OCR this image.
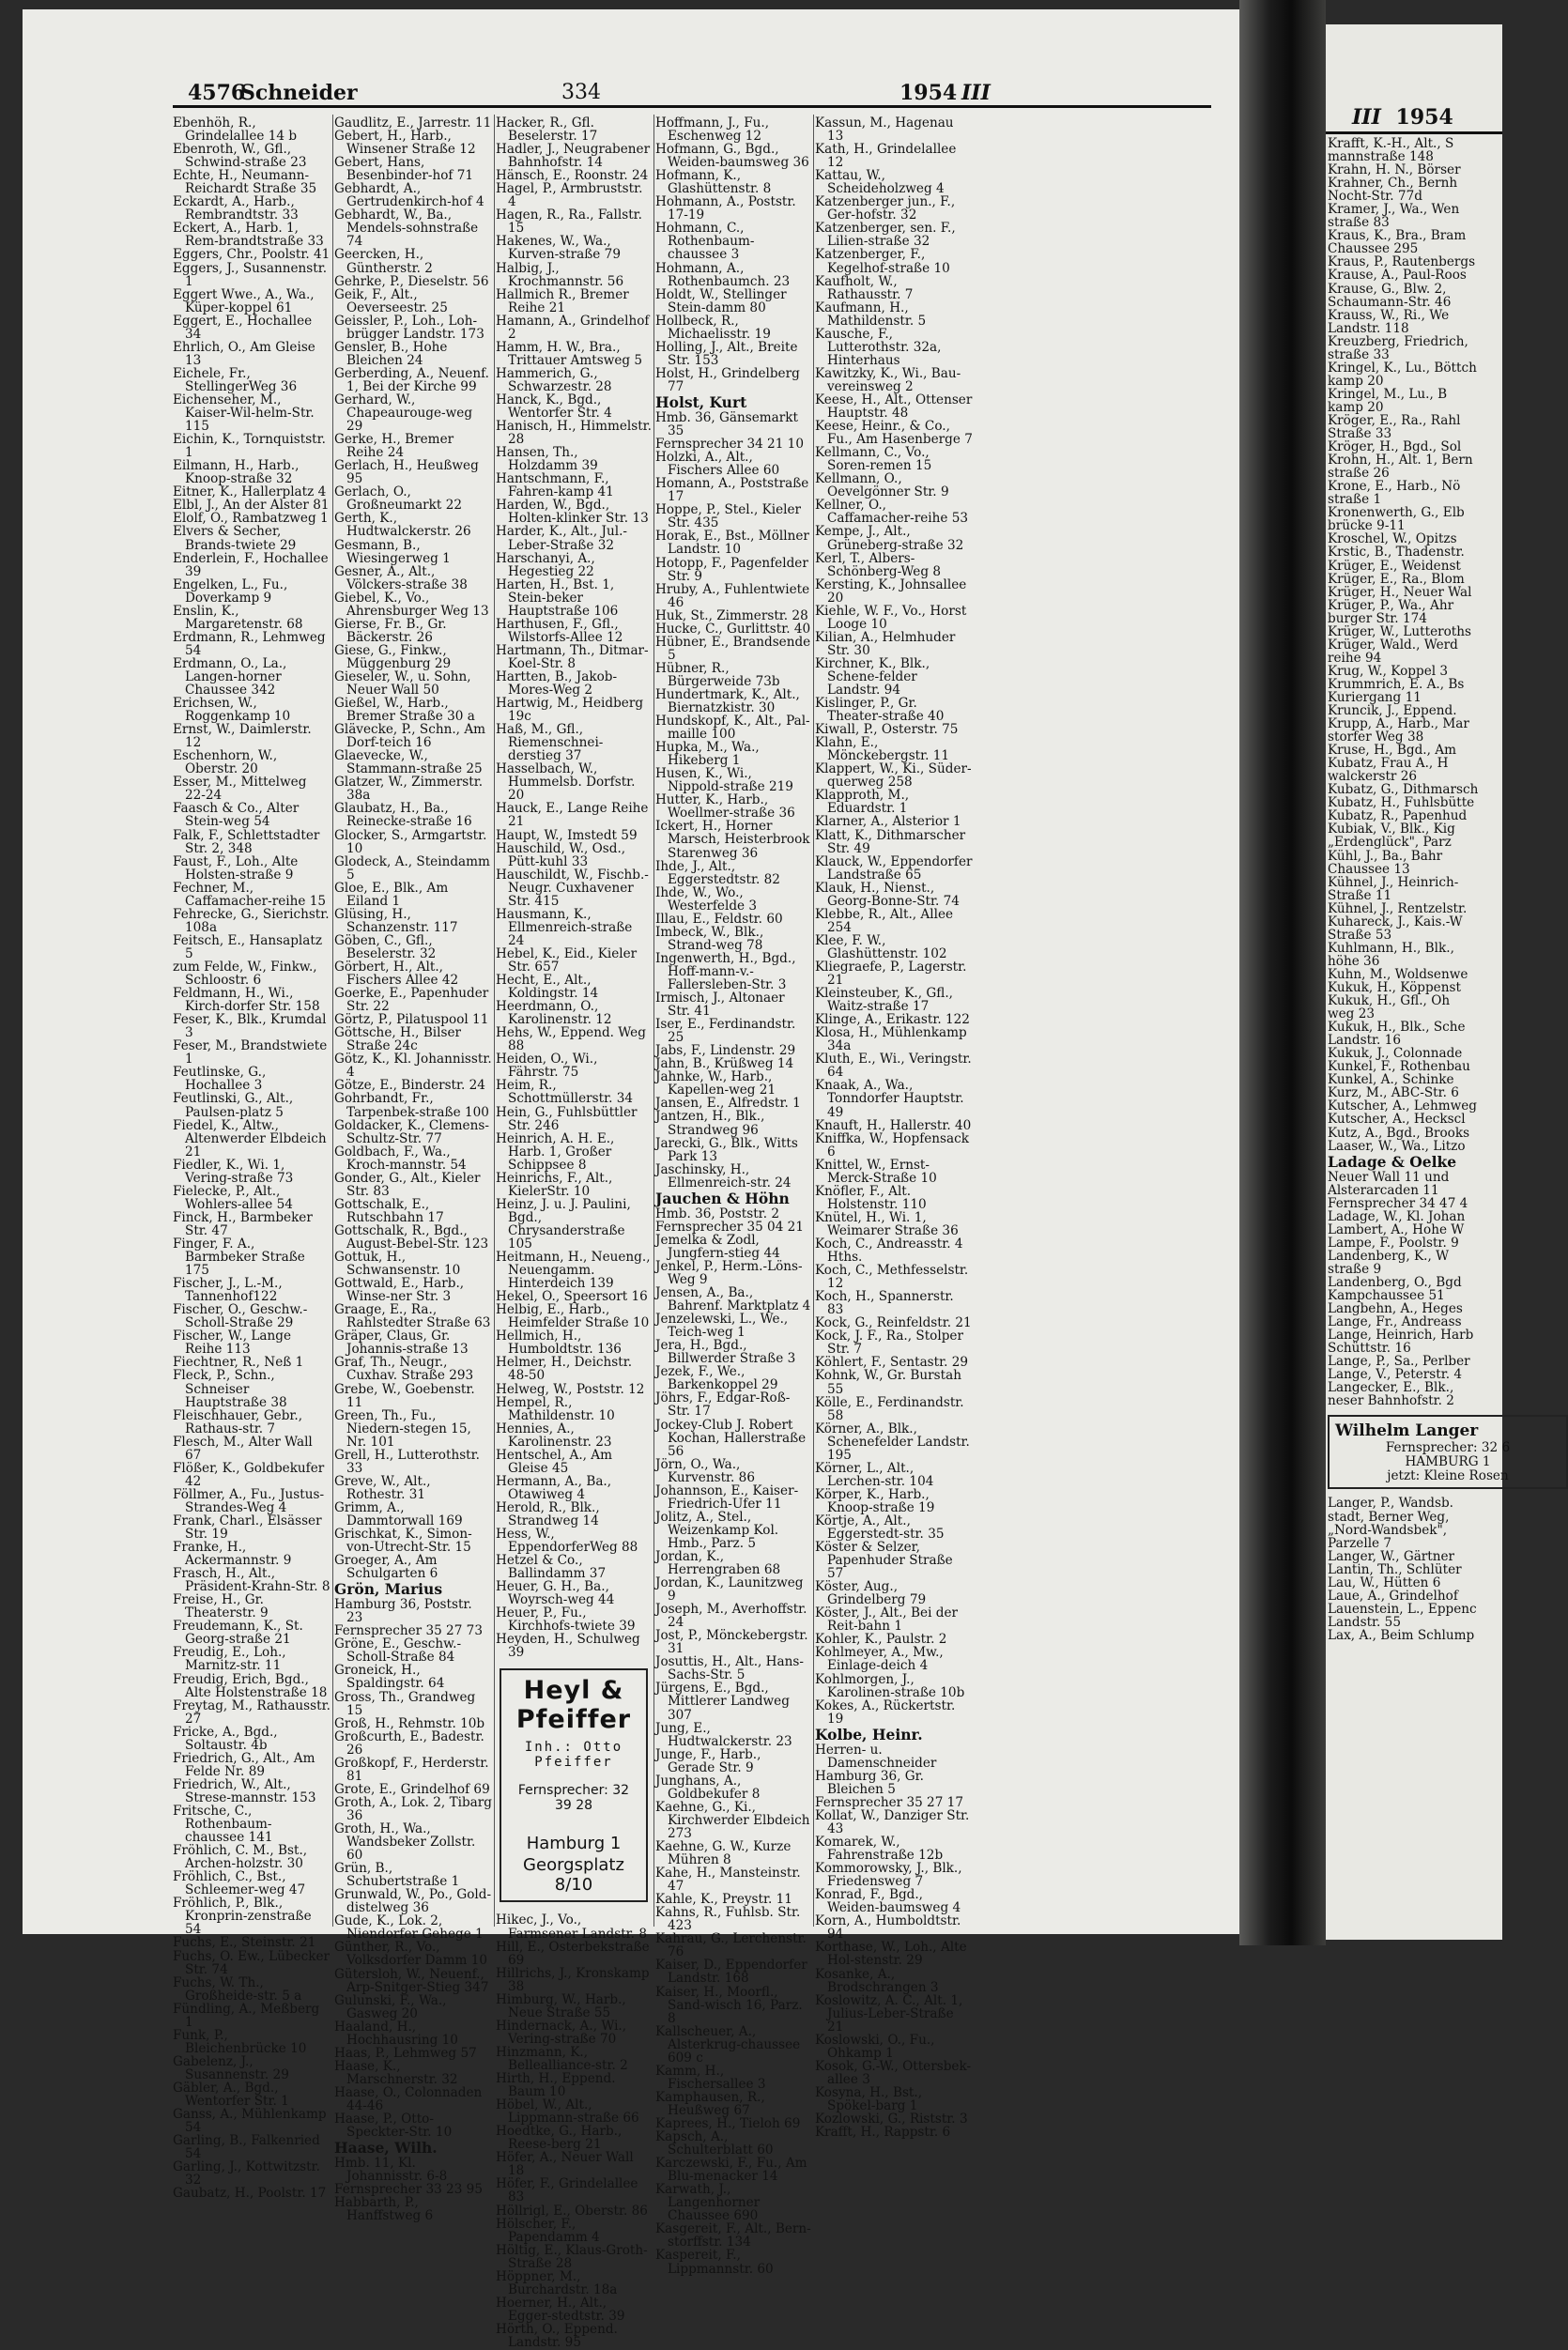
4576
Schneider	334	1954 III
Ebenhöh, R., Grindelallee 14 b
Ebenroth, W., Gfl., Schwind-straße 23
Echte, H., Neumann-Reichardt Straße 35
Eckardt, A., Harb., Rembrandtstr. 33
Eckert, A., Harb. 1, Rem-brandtstraße 33
Eggers, Chr., Poolstr. 41
Eggers, J., Susannenstr. 1
Eggert Wwe., A., Wa., Küper-koppel 61
Eggert, E., Hochallee 34
Ehrlich, O., Am Gleise 13
Eichele, Fr., StellingerWeg 36
Eichenseher, M., Kaiser-Wil-helm-Str. 115
Eichin, K., Tornquiststr. 1
Eilmann, H., Harb., Knoop-straße 32
Eitner, K., Hallerplatz 4
Elbl, J., An der Alster 81
Elolf, O., Rambatzweg 1
Elvers & Secher, Brands-twiete 29
Enderlein, F., Hochallee 39
Engelken, L., Fu., Doverkamp 9
Enslin, K., Margaretenstr. 68
Erdmann, R., Lehmweg 54
Erdmann, O., La., Langen-horner Chaussee 342
Erichsen, W., Roggenkamp 10
Ernst, W., Daimlerstr. 12
Eschenhorn, W., Oberstr. 20
Esser, M., Mittelweg 22-24
Faasch & Co., Alter Stein-weg 54
Falk, F., Schlettstadter Str. 2, 348
Faust, F., Loh., Alte Holsten-straße 9
Fechner, M., Caffamacher-reihe 15
Fehrecke, G., Sierichstr. 108a
Feitsch, E., Hansaplatz 5
zum Felde, W., Finkw., Schloostr. 6
Feldmann, H., Wi., Kirch-dorfer Str. 158
Feser, K., Blk., Krumdal 3
Feser, M., Brandstwiete 1
Feutlinske, G., Hochallee 3
Feutlinski, G., Alt., Paulsen-platz 5
Fiedel, K., Altw., Altenwerder Elbdeich 21
Fiedler, K., Wi. 1, Vering-straße 73
Fielecke, P., Alt., Wohlers-allee 54
Finck, H., Barmbeker Str. 47
Finger, F. A., Barmbeker Straße 175
Fischer, J., L.-M., Tannenhof122
Fischer, O., Geschw.-Scholl-Straße 29
Fischer, W., Lange Reihe 113
Fiechtner, R., Neß 1
Fleck, P., Schn., Schneiser Hauptstraße 38
Fleischhauer, Gebr., Rathaus-str. 7
Flesch, M., Alter Wall 67
Flößer, K., Goldbekufer 42
Föllmer, A., Fu., Justus-Strandes-Weg 4
Frank, Charl., Elsässer Str. 19
Franke, H., Ackermannstr. 9
Frasch, H., Alt., Präsident-Krahn-Str. 8
Freise, H., Gr. Theaterstr. 9
Freudemann, K., St. Georg-straße 21
Freudig, E., Loh., Marnitz-str. 11
Freudig, Erich, Bgd., Alte Holstenstraße 18
Freytag, M., Rathausstr. 27
Fricke, A., Bgd., Soltaustr. 4b
Friedrich, G., Alt., Am Felde Nr. 89
Friedrich, W., Alt., Strese-mannstr. 153
Fritsche, C., Rothenbaum-chaussee 141
Fröhlich, C. M., Bst., Archen-holzstr. 30
Fröhlich, C., Bst., Schleemer-weg 47
Fröhlich, P., Blk., Kronprin-zenstraße 54
Fuchs, E., Steinstr. 21
Fuchs, O. Ew., Lübecker Str. 74
Fuchs, W. Th., Großheide-str. 5 a
Fündling, A., Meßberg 1
Funk, P., Bleichenbrücke 10
Gabelenz, J., Susannenstr. 29
Gäbler, A., Bgd., Wentorfer Str. 1
Ganss, A., Mühlenkamp 54
Garling, B., Falkenried 54
Garling, J., Kottwitzstr. 32
Gaubatz, H., Poolstr. 17
Gaudlitz, E., Jarrestr. 11
Gebert, H., Harb., Winsener Straße 12
Gebert, Hans, Besenbinder-hof 71
Gebhardt, A., Gertrudenkirch-hof 4
Gebhardt, W., Ba., Mendels-sohnstraße 74
Geercken, H., Güntherstr. 2
Gehrke, P., Dieselstr. 56
Geik, F., Alt., Oeverseestr. 25
Geissler, P., Loh., Loh-brügger Landstr. 173
Gensler, B., Hohe Bleichen 24
Gerberding, A., Neuenf. 1, Bei der Kirche 99
Gerhard, W., Chapeaurouge-weg 29
Gerke, H., Bremer Reihe 24
Gerlach, H., Heußweg 95
Gerlach, O., Großneumarkt 22
Gerth, K., Hudtwalckerstr. 26
Gesmann, B., Wiesingerweg 1
Gesner, A., Alt., Völckers-straße 38
Giebel, K., Vo., Ahrensburger Weg 13
Gierse, Fr. B., Gr. Bäckerstr. 26
Giese, G., Finkw., Müggenburg 29
Gieseler, W., u. Sohn, Neuer Wall 50
Gießel, W., Harb., Bremer Straße 30 a
Glävecke, P., Schn., Am Dorf-teich 16
Glaevecke, W., Stammann-straße 25
Glatzer, W., Zimmerstr. 38a
Glaubatz, H., Ba., Reinecke-straße 16
Glocker, S., Armgartstr. 10
Glodeck, A., Steindamm 5
Gloe, E., Blk., Am Eiland 1
Glüsing, H., Schanzenstr. 117
Göben, C., Gfl., Beselerstr. 32
Görbert, H., Alt., Fischers Allee 42
Goerke, E., Papenhuder Str. 22
Görtz, P., Pilatuspool 11
Göttsche, H., Bilser Straße 24c
Götz, K., Kl. Johannisstr. 4
Götze, E., Binderstr. 24
Gohrbandt, Fr., Tarpenbek-straße 100
Goldacker, K., Clemens-Schultz-Str. 77
Goldbach, F., Wa., Kroch-mannstr. 54
Gonder, G., Alt., Kieler Str. 83
Gottschalk, E., Rutschbahn 17
Gottschalk, R., Bgd., August-Bebel-Str. 123
Gottuk, H., Schwansenstr. 10
Gottwald, E., Harb., Winse-ner Str. 3
Graage, E., Ra., Rahlstedter Straße 63
Gräper, Claus, Gr. Johannis-straße 13
Graf, Th., Neugr., Cuxhav. Straße 293
Grebe, W., Goebenstr. 11
Green, Th., Fu., Niedern-stegen 15, Nr. 101
Grell, H., Lutterothstr. 33
Greve, W., Alt., Rothestr. 31
Grimm, A., Dammtorwall 169
Grischkat, K., Simon-von-Utrecht-Str. 15
Groeger, A., Am Schulgarten 6
Grön, Marius
Hamburg 36, Poststr. 23
Fernsprecher 35 27 73
Gröne, E., Geschw.-Scholl-Straße 84
Groneick, H., Spaldingstr. 64
Gross, Th., Grandweg 15
Groß, H., Rehmstr. 10b
Großcurth, E., Badestr. 26
Großkopf, F., Herderstr. 81
Grote, E., Grindelhof 69
Groth, A., Lok. 2, Tibarg 36
Groth, H., Wa., Wandsbeker Zollstr. 60
Grün, B., Schubertstraße 1
Grunwald, W., Po., Gold-distelweg 36
Gude, K., Lok. 2, Niendorfer Gehege 1
Günther, R., Vo., Volksdorfer Damm 10
Gütersloh, W., Neuenf., Arp-Snitger-Stieg 347
Gulunski, F., Wa., Gasweg 20
Haaland, H., Hochhausring 10
Haas, P., Lehmweg 57
Haase, K., Marschnerstr. 32
Haase, O., Colonnaden 44-46
Haase, P., Otto-Speckter-Str. 10
Haase, Wilh.
Hmb. 11, Kl. Johannisstr. 6-8
Fernsprecher 33 23 95
Habbarth, P., Hanffstweg 6
Hacker, R., Gfl. Beselerstr. 17
Hadler, J., Neugrabener Bahnhofstr. 14
Hänsch, E., Roonstr. 24
Hagel, P., Armbruststr. 4
Hagen, R., Ra., Fallstr. 15
Hakenes, W., Wa., Kurven-straße 79
Halbig, J., Krochmannstr. 56
Hallmich R., Bremer Reihe 21
Hamann, A., Grindelhof 2
Hamm, H. W., Bra., Trittauer Amtsweg 5
Hammerich, G., Schwarzestr. 28
Hanck, K., Bgd., Wentorfer Str. 4
Hanisch, H., Himmelstr. 28
Hansen, Th., Holzdamm 39
Hantschmann, F., Fahren-kamp 41
Harden, W., Bgd., Holten-klinker Str. 13
Harder, K., Alt., Jul.-Leber-Straße 32
Harschanyi, A., Hegestieg 22
Harten, H., Bst. 1, Stein-beker Hauptstraße 106
Harthusen, F., Gfl., Wilstorfs-Allee 12
Hartmann, Th., Ditmar-Koel-Str. 8
Hartten, B., Jakob-Mores-Weg 2
Hartwig, M., Heidberg 19c
Haß, M., Gfl., Riemenschnei-derstieg 37
Hasselbach, W., Hummelsb. Dorfstr. 20
Hauck, E., Lange Reihe 21
Haupt, W., Imstedt 59
Hauschild, W., Osd., Pütt-kuhl 33
Hauschildt, W., Fischb.-Neugr. Cuxhavener Str. 415
Hausmann, K., Ellmenreich-straße 24
Hebel, K., Eid., Kieler Str. 657
Hecht, E., Alt., Koldingstr. 14
Heerdmann, O., Karolinenstr. 12
Hehs, W., Eppend. Weg 88
Heiden, O., Wi., Fährstr. 75
Heim, R., Schottmüllerstr. 34
Hein, G., Fuhlsbüttler Str. 246
Heinrich, A. H. E., Harb. 1, Großer Schippsee 8
Heinrichs, F., Alt., KielerStr. 10
Heinz, J. u. J. Paulini, Bgd., Chrysanderstraße 105
Heitmann, H., Neueng., Neuengamm. Hinterdeich 139
Hekel, O., Speersort 16
Helbig, E., Harb., Heimfelder Straße 10
Hellmich, H., Humboldtstr. 136
Helmer, H., Deichstr. 48-50
Helweg, W., Poststr. 12
Hempel, R., Mathildenstr. 10
Hennies, A., Karolinenstr. 23
Hentschel, A., Am Gleise 45
Hermann, A., Ba., Otawiweg 4
Herold, R., Blk., Strandweg 14
Hess, W., EppendorferWeg 88
Hetzel & Co., Ballindamm 37
Heuer, G. H., Ba., Woyrsch-weg 44
Heuer, P., Fu., Kirchhofs-twiete 39
Heyden, H., Schulweg 39
Heyl & Pfeiffer
Inh.: Otto Pfeiffer
Fernsprecher: 32 39 28
Hamburg 1
Georgsplatz 8/10
Hikec, J., Vo., Farmsener Landstr. 8
Hill, E., Osterbekstraße 69
Hillrichs, J., Kronskamp 38
Himburg, W., Harb., Neue Straße 55
Hindernack, A., Wi., Vering-straße 70
Hinzmann, K., Bellealliance-str. 2
Hirth, H., Eppend. Baum 10
Höbel, W., Alt., Lippmann-straße 66
Hoedtke, G., Harb., Reese-berg 21
Höfer, A., Neuer Wall 18
Höfer, F., Grindelallee 83
Höllrigl, E., Oberstr. 86
Hölscher, F., Papendamm 4
Höltig, E., Klaus-Groth-Straße 28
Höppner, M., Burchardstr. 18a
Hoerner, H., Alt., Egger-stedtstr. 39
Hörth, O., Eppend. Landstr. 95
Hoffmann, J., Fu., Eschenweg 12
Hofmann, G., Bgd., Weiden-baumsweg 36
Hofmann, K., Glashüttenstr. 8
Hohmann, A., Poststr. 17-19
Hohmann, C., Rothenbaum-chaussee 3
Hohmann, A., Rothenbaumch. 23
Holdt, W., Stellinger Stein-damm 80
Hollbeck, R., Michaelisstr. 19
Holling, J., Alt., Breite Str. 153
Holst, H., Grindelberg 77
Holst, Kurt
Hmb. 36, Gänsemarkt 35
Fernsprecher 34 21 10
Holzki, A., Alt., Fischers Allee 60
Homann, A., Poststraße 17
Hoppe, P., Stel., Kieler Str. 435
Horak, E., Bst., Möllner Landstr. 10
Hotopp, F., Pagenfelder Str. 9
Hruby, A., Fuhlentwiete 46
Huk, St., Zimmerstr. 28
Hucke, C., Gurlittstr. 40
Hübner, E., Brandsende 5
Hübner, R., Bürgerweide 73b
Hundertmark, K., Alt., Biernatzkistr. 30
Hundskopf, K., Alt., Pal-maille 100
Hupka, M., Wa., Hikeberg 1
Husen, K., Wi., Nippold-straße 219
Hutter, K., Harb., Woellmer-straße 36
Ickert, H., Horner Marsch, Heisterbrook Starenweg 36
Ihde, J., Alt., Eggerstedtstr. 82
Ihde, W., Wo., Westerfelde 3
Illau, E., Feldstr. 60
Imbeck, W., Blk., Strand-weg 78
Ingenwerth, H., Bgd., Hoff-mann-v.-Fallersleben-Str. 3
Irmisch, J., Altonaer Str. 41
Iser, E., Ferdinandstr. 25
Jabs, F., Lindenstr. 29
Jahn, B., Krüßweg 14
Jahnke, W., Harb., Kapellen-weg 21
Jansen, E., Alfredstr. 1
Jantzen, H., Blk., Strandweg 96
Jarecki, G., Blk., Witts Park 13
Jaschinsky, H., Ellmenreich-str. 24
Jauchen & Höhn
Hmb. 36, Poststr. 2
Fernsprecher 35 04 21
Jemelka & Zodl, Jungfern-stieg 44
Jenkel, P., Herm.-Löns-Weg 9
Jensen, A., Ba., Bahrenf. Marktplatz 4
Jenzelewski, L., We., Teich-weg 1
Jera, H., Bgd., Billwerder Straße 3
Jezek, F., We., Barkenkoppel 29
Jöhrs, F., Edgar-Roß-Str. 17
Jockey-Club J. Robert Kochan, Hallerstraße 56
Jörn, O., Wa., Kurvenstr. 86
Johannson, E., Kaiser-Friedrich-Ufer 11
Jolitz, A., Stel., Weizenkamp Kol. Hmb., Parz. 5
Jordan, K., Herrengraben 68
Jordan, K., Launitzweg 9
Joseph, M., Averhoffstr. 24
Jost, P., Mönckebergstr. 31
Josuttis, H., Alt., Hans-Sachs-Str. 5
Jürgens, E., Bgd., Mittlerer Landweg 307
Jung, E., Hudtwalckerstr. 23
Junge, F., Harb., Gerade Str. 9
Junghans, A., Goldbekufer 8
Kaehne, G., Ki., Kirchwerder Elbdeich 273
Kaehne, G. W., Kurze Mühren 8
Kahe, H., Mansteinstr. 47
Kahle, K., Preystr. 11
Kahns, R., Fuhlsb. Str. 423
Kahrau, G., Lerchenstr. 76
Kaiser, D., Eppendorfer Landstr. 168
Kaiser, H., Moorfl., Sand-wisch 16, Parz. 8
Kallscheuer, A., Alsterkrug-chaussee 609 c
Kamm, H., Fischersallee 3
Kamphausen, R., Heußweg 67
Kaprees, H., Tieloh 69
Kapsch, A., Schulterblatt 60
Karczewski, F., Fu., Am Blu-menacker 14
Karwath, J., Langenhorner Chaussee 690
Kasgereit, F., Alt., Bern-storffstr. 134
Kaspereit, F., Lippmannstr. 60
Kassun, M., Hagenau 13
Kath, H., Grindelallee 12
Kattau, W., Scheideholzweg 4
Katzenberger jun., F., Ger-hofstr. 32
Katzenberger, sen. F., Lilien-straße 32
Katzenberger, F., Kegelhof-straße 10
Kaufholt, W., Rathausstr. 7
Kaufmann, H., Mathildenstr. 5
Kausche, F., Lutterothstr. 32a, Hinterhaus
Kawitzky, K., Wi., Bau-vereinsweg 2
Keese, H., Alt., Ottenser Hauptstr. 48
Keese, Heinr., & Co., Fu., Am Hasenberge 7
Kellmann, C., Vo., Soren-remen 15
Kellmann, O., Oevelgönner Str. 9
Kellner, O., Caffamacher-reihe 53
Kempe, J., Alt., Grüneberg-straße 32
Kerl, T., Albers-Schönberg-Weg 8
Kersting, K., Johnsallee 20
Kiehle, W. F., Vo., Horst Looge 10
Kilian, A., Helmhuder Str. 30
Kirchner, K., Blk., Schene-felder Landstr. 94
Kislinger, P., Gr. Theater-straße 40
Kiwall, P., Osterstr. 75
Klahn, E., Mönckebergstr. 11
Klappert, W., Ki., Süder-querweg 258
Klapproth, M., Eduardstr. 1
Klarner, A., Alsterior 1
Klatt, K., Dithmarscher Str. 49
Klauck, W., Eppendorfer Landstraße 65
Klauk, H., Nienst., Georg-Bonne-Str. 74
Klebbe, R., Alt., Allee 254
Klee, F. W., Glashüttenstr. 102
Kliegraefe, P., Lagerstr. 21
Kleinsteuber, K., Gfl., Waitz-straße 17
Klinge, A., Erikastr. 122
Klosa, H., Mühlenkamp 34a
Kluth, E., Wi., Veringstr. 64
Knaak, A., Wa., Tonndorfer Hauptstr. 49
Knauft, H., Hallerstr. 40
Kniffka, W., Hopfensack 6
Knittel, W., Ernst-Merck-Straße 10
Knöfler, F., Alt. Holstenstr. 110
Knütel, H., Wi. 1, Weimarer Straße 36
Koch, C., Andreasstr. 4 Hths.
Koch, C., Methfesselstr. 12
Koch, H., Spannerstr. 83
Kock, G., Reinfeldstr. 21
Kock, J. F., Ra., Stolper Str. 7
Köhlert, F., Sentastr. 29
Kohnk, W., Gr. Burstah 55
Kölle, E., Ferdinandstr. 58
Körner, A., Blk., Schenefelder Landstr. 195
Körner, L., Alt., Lerchen-str. 104
Körper, K., Harb., Knoop-straße 19
Körtje, A., Alt., Eggerstedt-str. 35
Köster & Selzer, Papenhuder Straße 57
Köster, Aug., Grindelberg 79
Köster, J., Alt., Bei der Reit-bahn 1
Kohler, K., Paulstr. 2
Kohlmeyer, A., Mw., Einlage-deich 4
Kohlmorgen, J., Karolinen-straße 10b
Kokes, A., Rückertstr. 19
Kolbe, Heinr.
Herren- u. Damenschneider
Hamburg 36, Gr. Bleichen 5
Fernsprecher 35 27 17
Kollat, W., Danziger Str. 43
Komarek, W., Fahrenstraße 12b
Kommorowsky, J., Blk., Friedensweg 7
Konrad, F., Bgd., Weiden-baumsweg 4
Korn, A., Humboldtstr. 94
Korthase, W., Loh., Alte Hol-stenstr. 29
Kosanke, A., Brodschrangen 3
Koslowitz, A. C., Alt. 1, Julius-Leber-Straße 21
Koslowski, O., Fu., Ohkamp 1
Kosok, G.-W., Ottersbek-allee 3
Kosyna, H., Bst., Spökel-barg 1
Kozlowski, G., Riststr. 3
Krafft, H., Rappstr. 6
III 1954
Krafft, K.-H., Alt., S
mannstraße 148
Krahn, H. N., Börser
Krahner, Ch., Bernh
Nocht-Str. 77d
Kramer, J., Wa., Wen
straße 83
Kraus, K., Bra., Bram
Chaussee 295
Kraus, P., Rautenbergs
Krause, A., Paul-Roos
Krause, G., Blw. 2,
Schaumann-Str. 46
Krauss, W., Ri., We
Landstr. 118
Kreuzberg, Friedrich,
straße 33
Kringel, K., Lu., Böttch
kamp 20
Kringel, M., Lu., B
kamp 20
Kröger, E., Ra., Rahl
Straße 33
Kröger, H., Bgd., Sol
Krohn, H., Alt. 1, Bern
straße 26
Krone, E., Harb., Nö
straße 1
Kronenwerth, G., Elb
brücke 9-11
Kroschel, W., Opitzs
Krstic, B., Thadenstr.
Krüger, E., Weidenst
Krüger, E., Ra., Blom
Krüger, H., Neuer Wal
Krüger, P., Wa., Ahr
burger Str. 174
Krüger, W., Lutteroths
Krüger, Wald., Werd
reihe 94
Krug, W., Koppel 3
Krummrich, E. A., Bs
Kuriergang 11
Kruncik, J., Eppend.
Krupp, A., Harb., Mar
storfer Weg 38
Kruse, H., Bgd., Am
Kubatz, Frau A., H
walckerstr 26
Kubatz, G., Dithmarsch
Kubatz, H., Fuhlsbütte
Kubatz, R., Papenhud
Kubiak, V., Blk., Kig
„Erdenglück", Parz
Kühl, J., Ba., Bahr
Chaussee 13
Kühnel, J., Heinrich-
Straße 11
Kühnel, J., Rentzelstr.
Kuhareck, J., Kais.-W
Straße 53
Kuhlmann, H., Blk.,
höhe 36
Kuhn, M., Woldsenwe
Kukuk, H., Köppenst
Kukuk, H., Gfl., Oh
weg 23
Kukuk, H., Blk., Sche
Landstr. 16
Kukuk, J., Colonnade
Kunkel, F., Rothenbau
Kunkel, A., Schinke
Kurz, M., ABC-Str. 6
Kutscher, A., Lehmweg
Kutscher, A., Heckscl
Kutz, A., Bgd., Brooks
Laaser, W., Wa., Litzo
Ladage & Oelke
Neuer Wall 11 und
Alsterarcaden 11
Fernsprecher 34 47 4
Ladage, W., Kl. Johan
Lambert, A., Hohe W
Lampe, F., Poolstr. 9
Landenberg, K., W
straße 9
Landenberg, O., Bgd
Kampchaussee 51
Langbehn, A., Heges
Lange, Fr., Andreass
Lange, Heinrich, Harb
Schüttstr. 16
Lange, P., Sa., Perlber
Lange, V., Peterstr. 4
Langecker, E., Blk.,
neser Bahnhofstr. 2
Wilhelm Langer
Fernsprecher: 32 6
HAMBURG 1
jetzt: Kleine Rosen
Langer, P., Wandsb.
stadt, Berner Weg,
„Nord-Wandsbek",
Parzelle 7
Langer, W., Gärtner
Lantin, Th., Schlüter
Lau, W., Hütten 6
Laue, A., Grindelhof
Lauenstein, L., Eppenc
Landstr. 55
Lax, A., Beim Schlump
